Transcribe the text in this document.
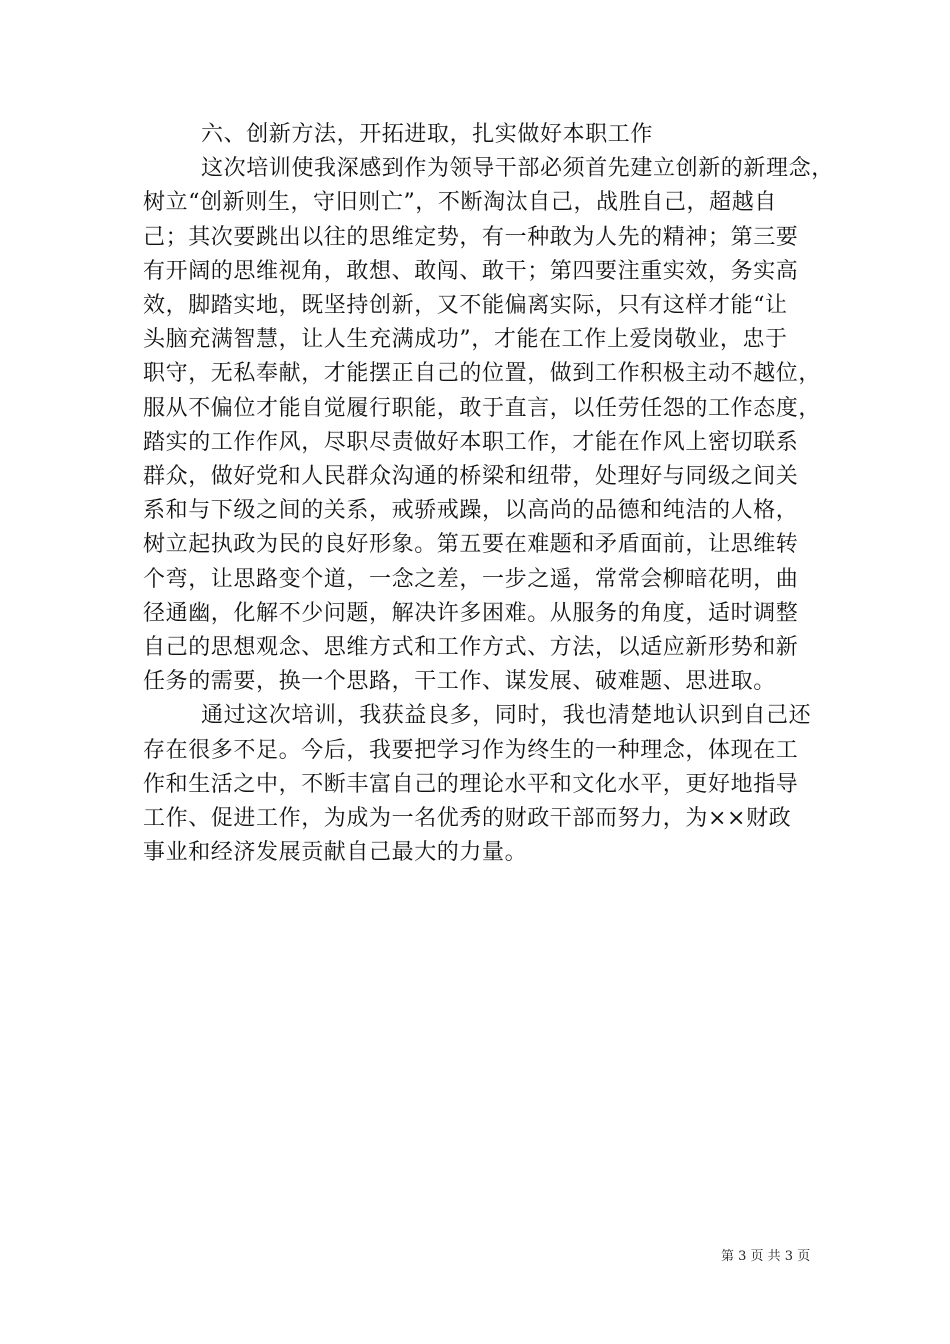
六、创新方法，开拓进取，扎实做好本职工作

这次培训使我深感到作为领导干部必须首先建立创新的新理念，
树立“创新则生，守旧则亡”，不断淘汰自己，战胜自己，超越自
己；其次要跳出以往的思维定势，有一种敢为人先的精神；第三要
有开阔的思维视角，敢想、敢闯、敢干；第四要注重实效，务实高
效，脚踏实地，既坚持创新，又不能偏离实际，只有这样才能“让
头脑充满智慧，让人生充满成功”，才能在工作上爱岗敬业，忠于
职守，无私奉献，才能摆正自己的位置，做到工作积极主动不越位，
服从不偏位才能自觉履行职能，敢于直言，以任劳任怨的工作态度，
踏实的工作作风，尽职尽责做好本职工作，才能在作风上密切联系
群众，做好党和人民群众沟通的桥梁和纽带，处理好与同级之间关
系和与下级之间的关系，戒骄戒躁，以高尚的品德和纯洁的人格，
树立起执政为民的良好形象。第五要在难题和矛盾面前，让思维转
个弯，让思路变个道，一念之差，一步之遥，常常会柳暗花明，曲
径通幽，化解不少问题，解决许多困难。从服务的角度，适时调整
自己的思想观念、思维方式和工作方式、方法，以适应新形势和新
任务的需要，换一个思路，干工作、谋发展、破难题、思进取。
通过这次培训，我获益良多，同时，我也清楚地认识到自己还
存在很多不足。今后，我要把学习作为终生的一种理念，体现在工
作和生活之中，不断丰富自己的理论水平和文化水平，更好地指导
工作、促进工作，为成为一名优秀的财政干部而努力，为××财政
事业和经济发展贡献自己最大的力量。
第 3 页 共 3 页
